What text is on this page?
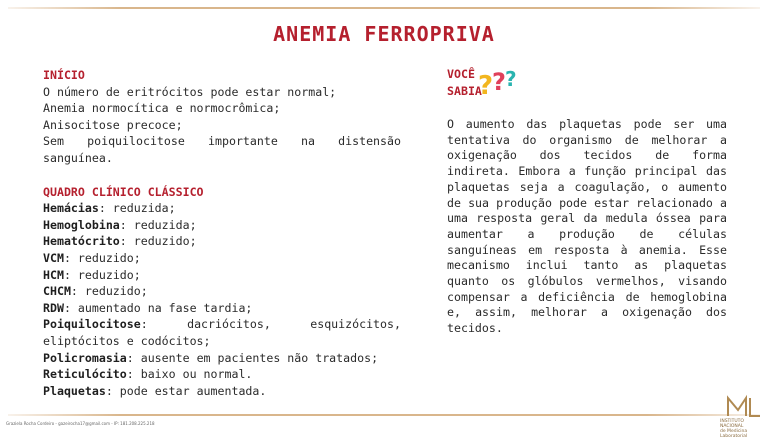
ANEMIA FERROPRIVA
INÍCIO
O número de eritrócitos pode estar normal;
Anemia normocítica e normocrômica;
Anisocitose precoce;
Sem poiquilocitose importante na distensão
sanguínea.
QUADRO CLÍNICO CLÁSSICO
Hemácias: reduzida;
Hemoglobina: reduzida;
Hematócrito: reduzido;
VCM: reduzido;
HCM: reduzido;
CHCM: reduzido;
RDW: aumentado na fase tardia;
Poiquilocitose:	dacriócitos,	esquizócitos,
eliptócitos e codócitos;
Policromasia: ausente em pacientes não tratados;
Reticulócito: baixo ou normal.
Plaquetas: pode estar aumentada.
VOCÊ
SABIA
?
? ?
O aumento das plaquetas pode ser uma tentativa do organismo de melhorar a oxigenação dos tecidos de forma indireta. Embora a função principal das plaquetas seja a coagulação, o aumento de sua produção pode estar relacionado a uma resposta geral da medula óssea para aumentar a produção de células sanguíneas em resposta à anemia. Esse mecanismo inclui tanto as plaquetas quanto os glóbulos vermelhos, visando compensar a deficiência de hemoglobina e, assim, melhorar a oxigenação dos tecidos.
Graziela Rocha Cordeiro - gazeirocha17@gmail.com - IP: 181.208.225.218	INSTITUTO NACIONAL
de Medicina Laboratorial
